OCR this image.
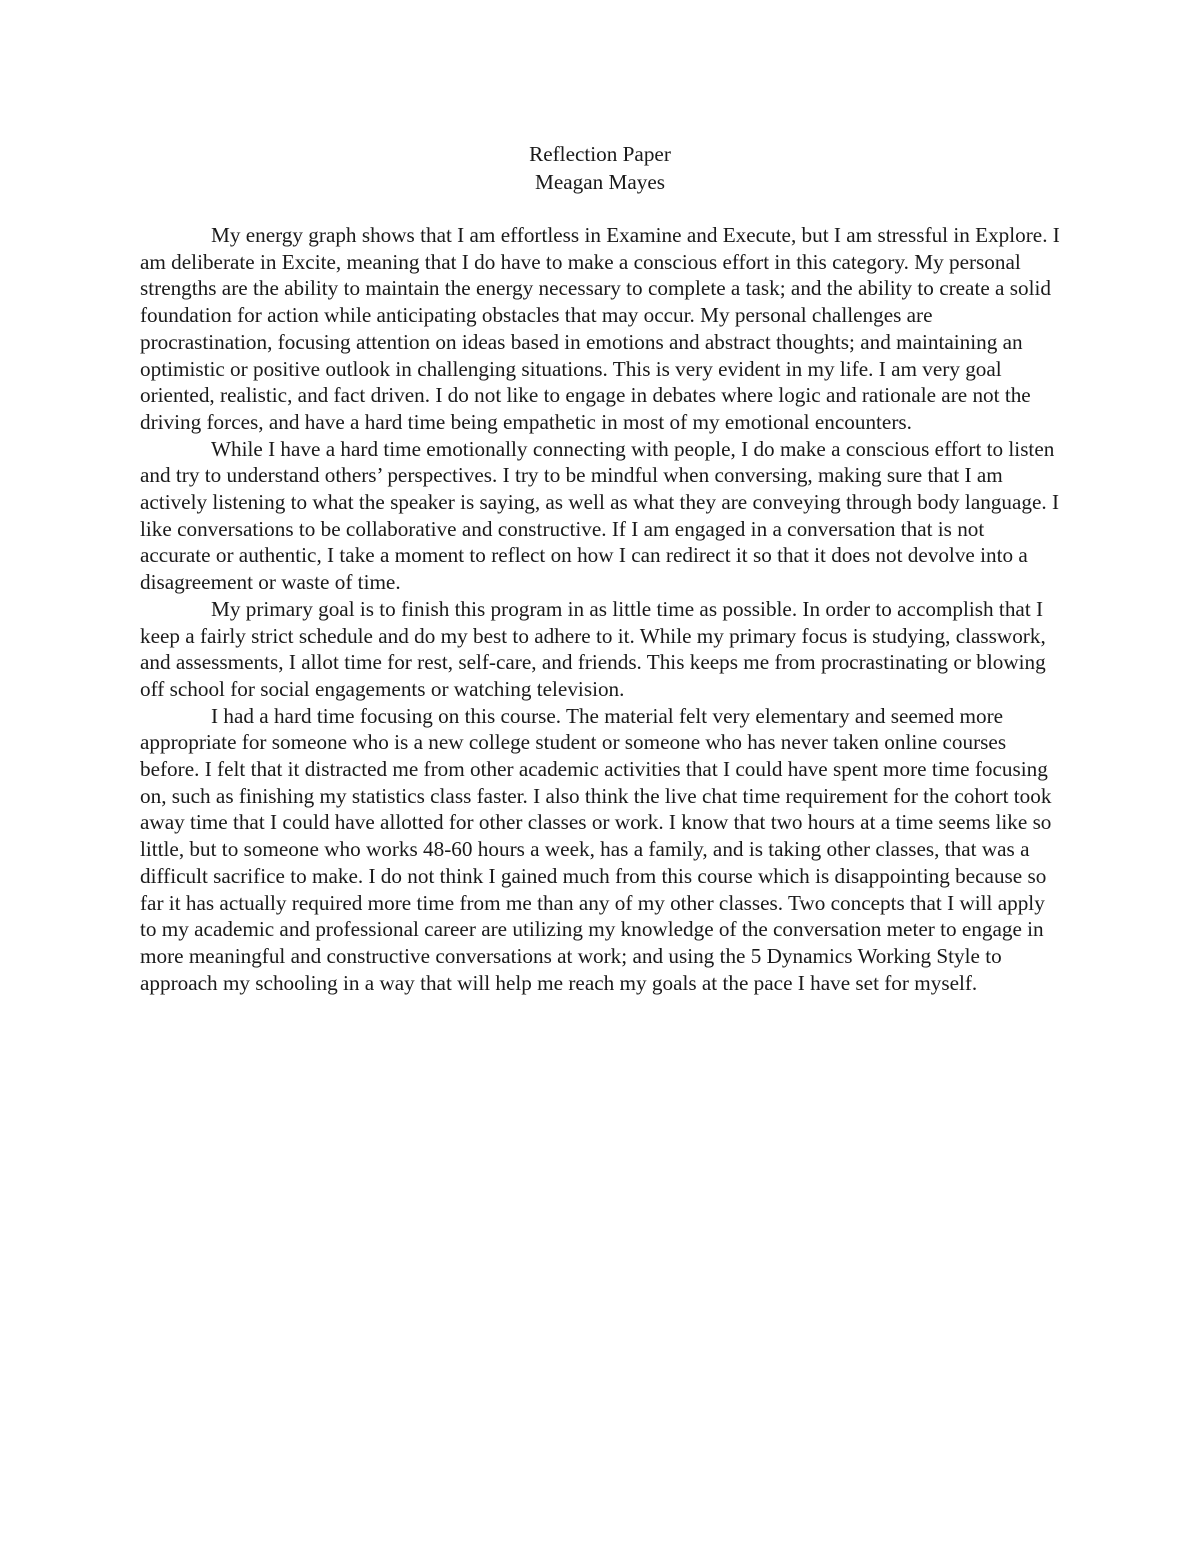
Reflection Paper

Meagan Mayes

My energy graph shows that I am effortless in Examine and Execute, but I am stressful in Explore. I am deliberate in Excite, meaning that I do have to make a conscious effort in this category. My personal strengths are the ability to maintain the energy necessary to complete a task; and the ability to create a solid foundation for action while anticipating obstacles that may occur. My personal challenges are procrastination, focusing attention on ideas based in emotions and abstract thoughts; and maintaining an optimistic or positive outlook in challenging situations. This is very evident in my life. I am very goal oriented, realistic, and fact driven. I do not like to engage in debates where logic and rationale are not the driving forces, and have a hard time being empathetic in most of my emotional encounters.

While I have a hard time emotionally connecting with people, I do make a conscious effort to listen and try to understand others’ perspectives. I try to be mindful when conversing, making sure that I am actively listening to what the speaker is saying, as well as what they are conveying through body language. I like conversations to be collaborative and constructive. If I am engaged in a conversation that is not accurate or authentic, I take a moment to reflect on how I can redirect it so that it does not devolve into a disagreement or waste of time.

My primary goal is to finish this program in as little time as possible. In order to accomplish that I keep a fairly strict schedule and do my best to adhere to it. While my primary focus is studying, classwork, and assessments, I allot time for rest, self-care, and friends. This keeps me from procrastinating or blowing off school for social engagements or watching television.

I had a hard time focusing on this course. The material felt very elementary and seemed more appropriate for someone who is a new college student or someone who has never taken online courses before. I felt that it distracted me from other academic activities that I could have spent more time focusing on, such as finishing my statistics class faster. I also think the live chat time requirement for the cohort took away time that I could have allotted for other classes or work. I know that two hours at a time seems like so little, but to someone who works 48-60 hours a week, has a family, and is taking other classes, that was a difficult sacrifice to make. I do not think I gained much from this course which is disappointing because so far it has actually required more time from me than any of my other classes. Two concepts that I will apply to my academic and professional career are utilizing my knowledge of the conversation meter to engage in more meaningful and constructive conversations at work; and using the 5 Dynamics Working Style to approach my schooling in a way that will help me reach my goals at the pace I have set for myself.
